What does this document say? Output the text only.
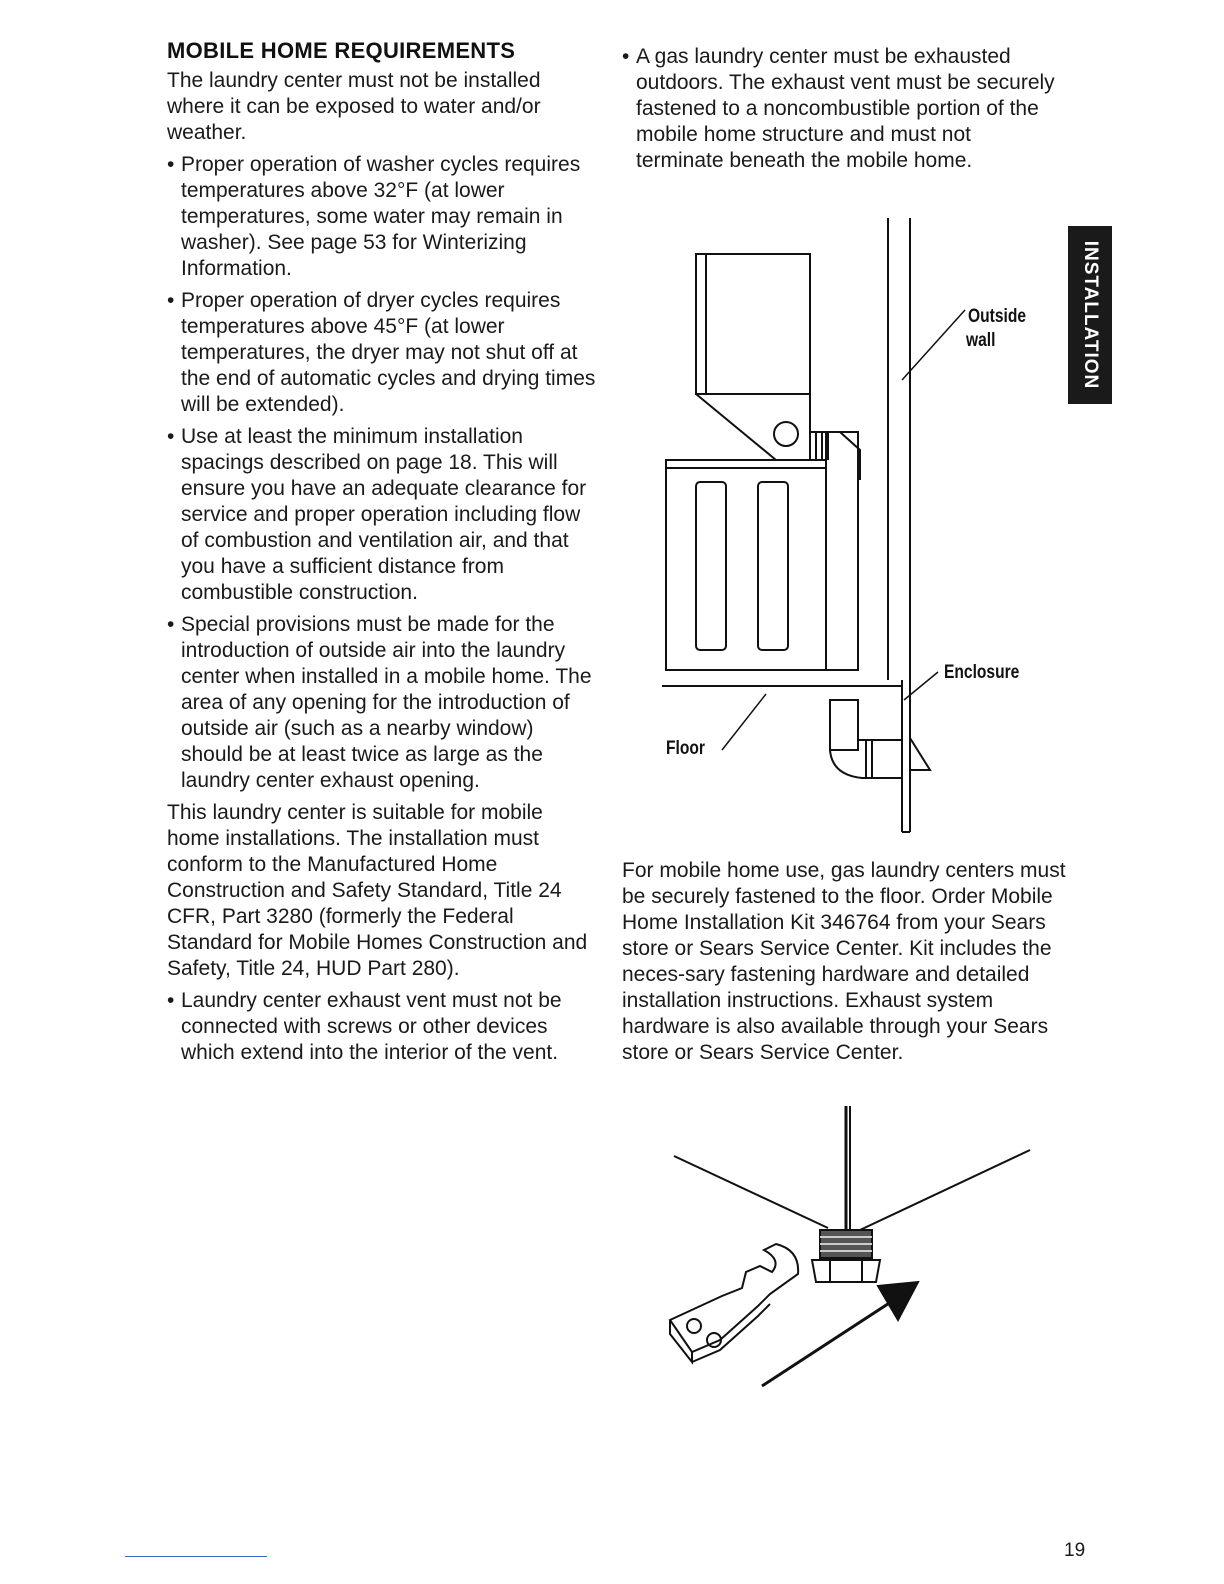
MOBILE HOME REQUIREMENTS

The laundry center must not be installed where it can be exposed to water and/or weather.

• Proper operation of washer cycles requires temperatures above 32°F (at lower temperatures, some water may remain in washer). See page 53 for Winterizing Information.
• Proper operation of dryer cycles requires temperatures above 45°F (at lower temperatures, the dryer may not shut off at the end of automatic cycles and drying times will be extended).
• Use at least the minimum installation spacings described on page 18. This will ensure you have an adequate clearance for service and proper operation including flow of combustion and ventilation air, and that you have a sufficient distance from combustible construction.
• Special provisions must be made for the introduction of outside air into the laundry center when installed in a mobile home. The area of any opening for the introduction of outside air (such as a nearby window) should be at least twice as large as the laundry center exhaust opening.

This laundry center is suitable for mobile home installations. The installation must conform to the Manufactured Home Construction and Safety Standard, Title 24 CFR, Part 3280 (formerly the Federal Standard for Mobile Homes Construction and Safety, Title 24, HUD Part 280).

• Laundry center exhaust vent must not be connected with screws or other devices which extend into the interior of the vent.
• A gas laundry center must be exhausted outdoors. The exhaust vent must be securely fastened to a noncombustible portion of the mobile home structure and must not terminate beneath the mobile home.

For mobile home use, gas laundry centers must be securely fastened to the floor. Order Mobile Home Installation Kit 346764 from your Sears store or Sears Service Center. Kit includes the neces-sary fastening hardware and detailed installation instructions. Exhaust system hardware is also available through your Sears store or Sears Service Center.

Outside
wall
Enclosure
Floor
INSTALLATION
19
